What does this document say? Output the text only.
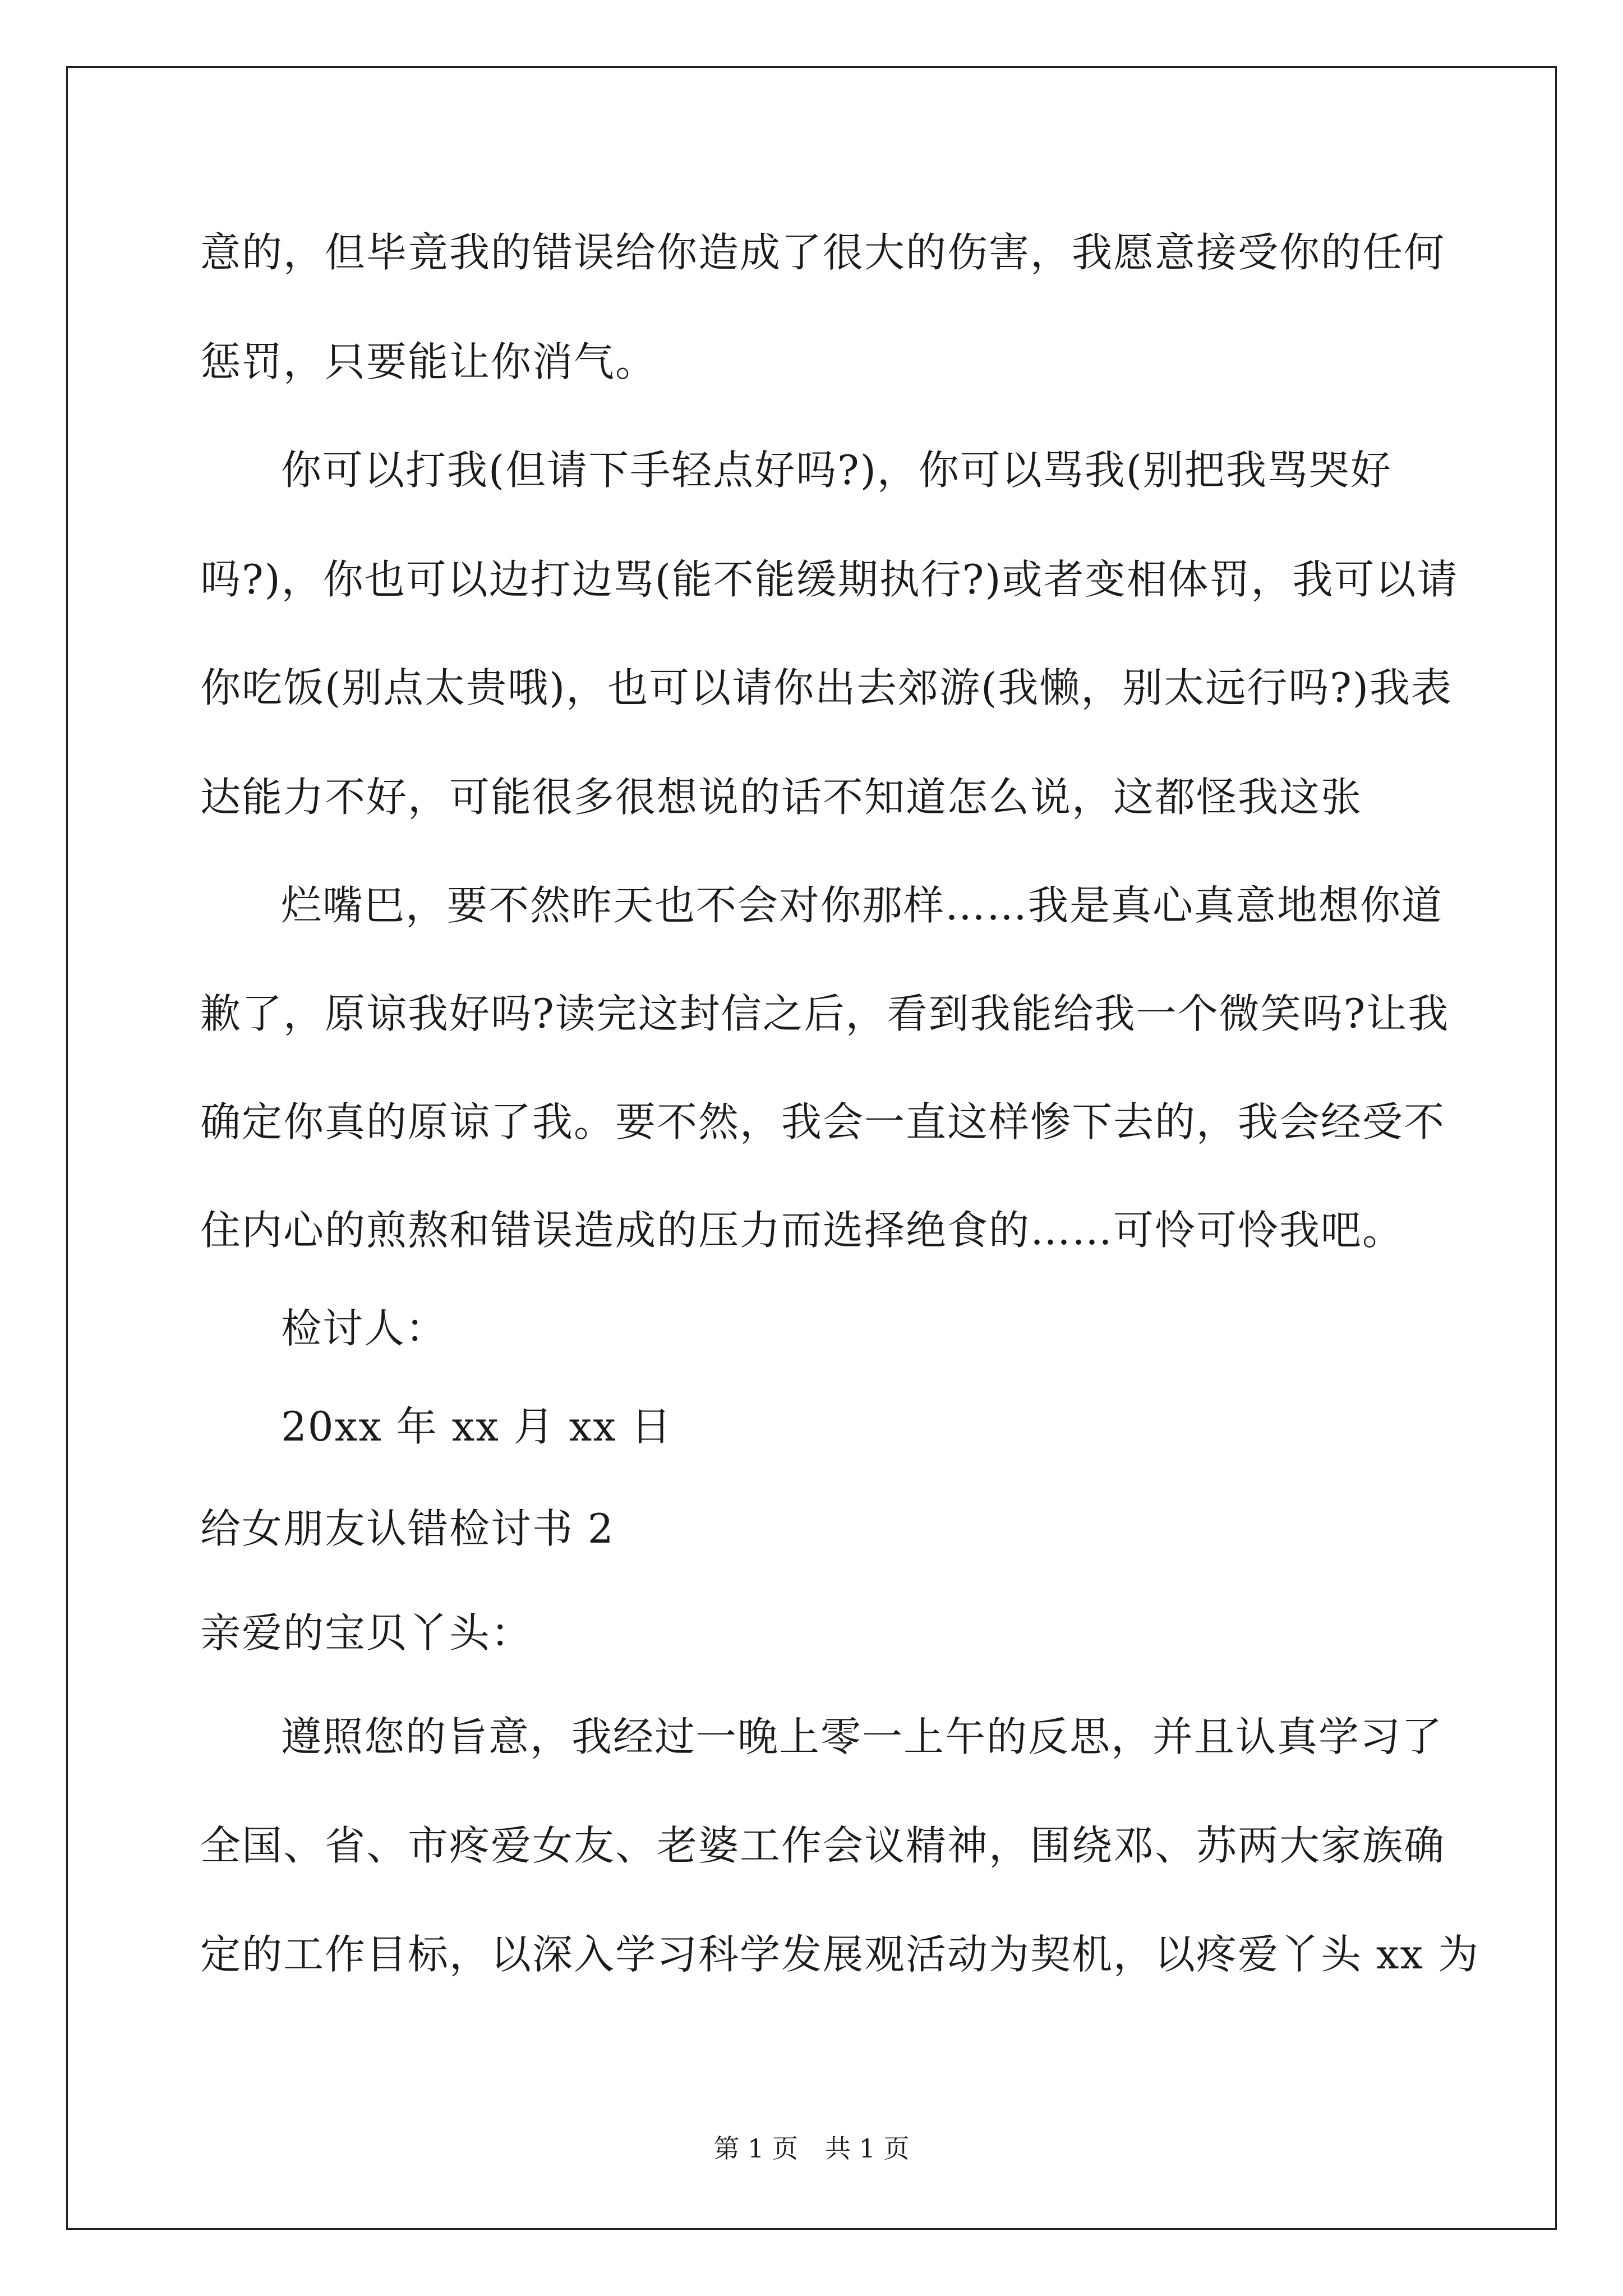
意的，但毕竟我的错误给你造成了很大的伤害，我愿意接受你的任何
惩罚，只要能让你消气。
你可以打我(但请下手轻点好吗?)，你可以骂我(别把我骂哭好
吗?)，你也可以边打边骂(能不能缓期执行?)或者变相体罚，我可以请
你吃饭(别点太贵哦)，也可以请你出去郊游(我懒，别太远行吗?)我表
达能力不好，可能很多很想说的话不知道怎么说，这都怪我这张
烂嘴巴，要不然昨天也不会对你那样……我是真心真意地想你道
歉了，原谅我好吗?读完这封信之后，看到我能给我一个微笑吗?让我
确定你真的原谅了我。要不然，我会一直这样惨下去的，我会经受不
住内心的煎熬和错误造成的压力而选择绝食的……可怜可怜我吧。
检讨人：
20xx 年 xx 月 xx 日
给女朋友认错检讨书 2
亲爱的宝贝丫头：
遵照您的旨意，我经过一晚上零一上午的反思，并且认真学习了
全国、省、市疼爱女友、老婆工作会议精神，围绕邓、苏两大家族确
定的工作目标，以深入学习科学发展观活动为契机，以疼爱丫头 xx 为
第 1 页 共 1 页
